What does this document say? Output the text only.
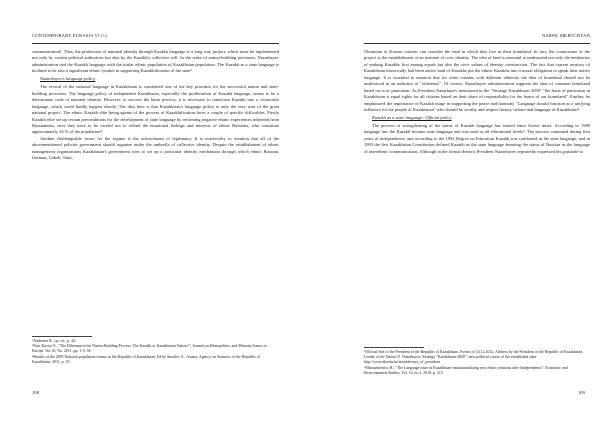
CONTEMPORARY EURASIA VI (1)

communication². Thus, the production of national identity through Kazakh language is a long way project, which must be implemented not only by certain political authorities but also by the Kazakh's collective will. In the wake of nation-building processes, Nazarbayev administration tied the Kazakh language with the titular ethnic population of Kazakhstan population. The Kazakh as a state language is inclined to be also a significant ethnic symbol in supporting Kazakhification of the state³.

Nazarbayev's language policy

The revival of the national language in Kazakhstan is considered one of the key priorities for the successful nation and state-building processes. The language policy of independent Kazakhstan, especially the proliferation of Kazakh language, seems to be a determinate code of national identity. However, to success the latter process, it is necessary to transform Kazakh into a vernacular language, which could hardly happen shortly. The idea here is that Kazakhstan's language policy is only the very start of the great national project. The ethnic Kazakh elite being agents of the process of Kazakhification faces a couple of specific difficulties. Firstly Kazakh elite set up certain preconditions for the development of state language by reforming negative ethnic experiences inherited from Russianness, next they have to be careful not to offend the emotional feelings and interests of ethnic Russians, who constitute approximately 24 % of the population⁴.

Another challengeable factor for the regime is the achievement of legitimacy. It is noteworthy to mention that all of the abovementioned policies government should organize under the umbrella of collective identity. Despite the establishment of ethnic management organizations Kazakhstan's government tries to set up a particular identity mechanism through which ethnic Russian, German, Uzbek, Tatar,

²Andersen B., op. cit., p. 44.

³Nurr Kavisi O., "The Dilemma in the Nation-Building Process: The Kazakh or Kazakhstani Nation?", Journal on Ethnopolitics and Minority Issues in Europe, Vol 10, No. 2011, pp. 1-3, 58.

⁴Results of the 2009 National population census in the Republic of Kazakhstan, Ed by Smailov A., Astana: Agency on Statistics of the Republic of Kazakhstan, 2011, p. 19.

108
NAREK MKRTCHYAN

Ukrainian or Korean citizens can consider the land in which they live as their homeland. In fact, the cornerstone of the project is the establishment of an institute of civic identity. The idea of land is essential to understand not only the tendencies of making Kazakhs first among equals but also the civic values of identity construction. The fact that current territory of Kazakhstan historically had been native land of Kazakhs put the ethnic Kazakhs into a moral obligation to speak their native language. It is essential to mention that for other citizens with different ethnicity the idea of homeland should not be understood in an indicator of "otherness". Of course, Nazarbayev administration supports the idea of common homeland based on civic patriotism. As President Nazarbayev mentioned in the "Strategy Kazakhstan 2050" "the basis of patriotism in Kazakhstan is equal rights for all citizens based on their share of responsibility for the honor of our homeland". Further, he emphasized the importance of Kazakh usage in supporting the peace and harmony "Language should function as a unifying influence for the people of Kazakhstan" who should be worthy and respect history culture and language of Kazakhstan⁵.

Kazakh as a state language: Official policy

The process of strengthening of the status of Kazakh language has started since Soviet times. According to 1989 language law the Kazakh became state language and was used at all educational levels⁶. The process continued during first years of independence, and according to the 1992 Degree on Education Kazakh was confirmed as the state language, and in 1993 the first Kazakhstan Constitution defined Kazakh as the state language denoting the status of Russian as the language of interethnic communication. Although in the formal rhetoric President Nazarbayev repeatedly expressed his gratitude to

⁵Official Site of the President of the Republic of Kazakhstan, Events of 14.12.2012, Address by the President of the Republic of Kazakhstan, Leader of the Nation N. Nazarbayev, Strategy "Kazakhstan-2050": new political course of the established state http://www.akorda.kz/en/addresses_of_president

⁶Matuszkiewicz R., "The Language issue in Kazakhstan-institutionalizing new ethnic relations after Independence", Economic and Environmental Studies, Vol. 10, no 2, 2010, p. 215.

109
